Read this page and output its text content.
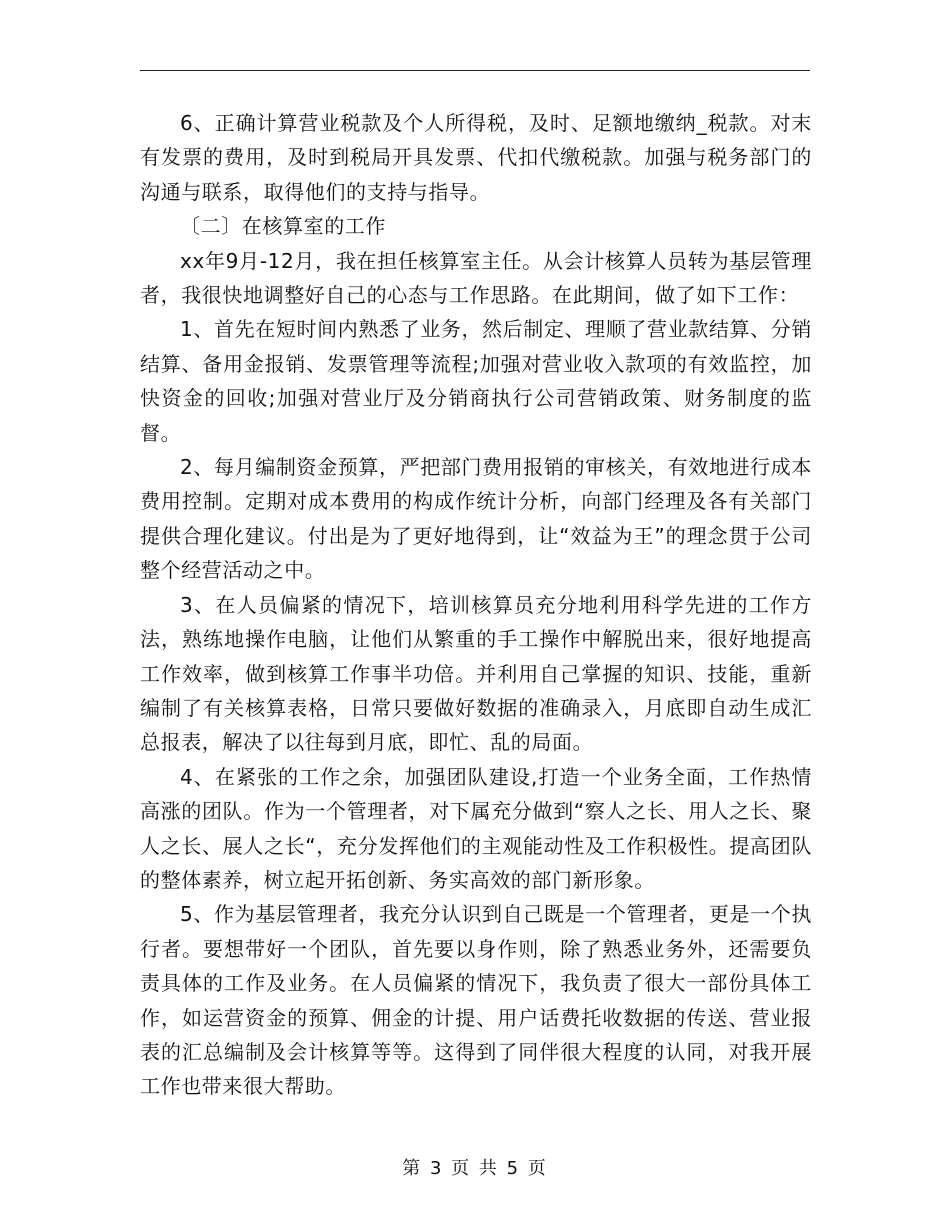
6、正确计算营业税款及个人所得税，及时、足额地缴纳_税款。对末有发票的费用，及时到税局开具发票、代扣代缴税款。加强与税务部门的沟通与联系，取得他们的支持与指导。

〔二〕在核算室的工作

xx年9月-12月，我在担任核算室主任。从会计核算人员转为基层管理者，我很快地调整好自己的心态与工作思路。在此期间，做了如下工作：

1、首先在短时间内熟悉了业务，然后制定、理顺了营业款结算、分销结算、备用金报销、发票管理等流程;加强对营业收入款项的有效监控，加快资金的回收;加强对营业厅及分销商执行公司营销政策、财务制度的监督。

2、每月编制资金预算，严把部门费用报销的审核关，有效地进行成本费用控制。定期对成本费用的构成作统计分析，向部门经理及各有关部门提供合理化建议。付出是为了更好地得到，让“效益为王”的理念贯于公司整个经营活动之中。

3、在人员偏紧的情况下，培训核算员充分地利用科学先进的工作方法，熟练地操作电脑，让他们从繁重的手工操作中解脱出来，很好地提高工作效率，做到核算工作事半功倍。并利用自己掌握的知识、技能，重新编制了有关核算表格，日常只要做好数据的准确录入，月底即自动生成汇总报表，解决了以往每到月底，即忙、乱的局面。

4、在紧张的工作之余，加强团队建设,打造一个业务全面，工作热情高涨的团队。作为一个管理者，对下属充分做到“察人之长、用人之长、聚人之长、展人之长“，充分发挥他们的主观能动性及工作积极性。提高团队的整体素养，树立起开拓创新、务实高效的部门新形象。

5、作为基层管理者，我充分认识到自己既是一个管理者，更是一个执行者。要想带好一个团队，首先要以身作则，除了熟悉业务外，还需要负责具体的工作及业务。在人员偏紧的情况下，我负责了很大一部份具体工作，如运营资金的预算、佣金的计提、用户话费托收数据的传送、营业报表的汇总编制及会计核算等等。这得到了同伴很大程度的认同，对我开展工作也带来很大帮助。

第 3 页 共 5 页
